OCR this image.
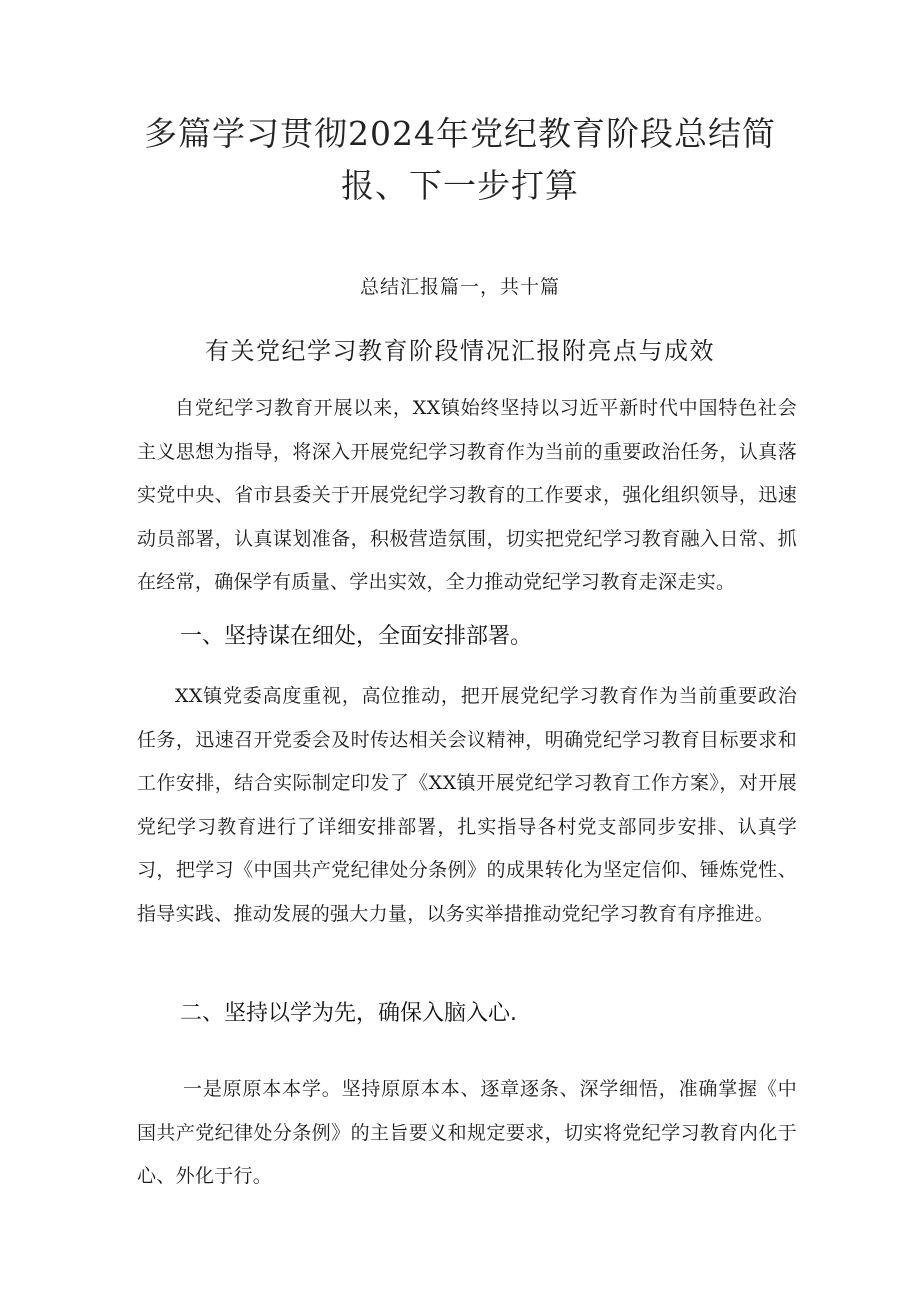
多篇学习贯彻2024年党纪教育阶段总结简报、下一步打算
总结汇报篇一，共十篇
有关党纪学习教育阶段情况汇报附亮点与成效

自党纪学习教育开展以来，XX镇始终坚持以习近平新时代中国特色社会主义思想为指导，将深入开展党纪学习教育作为当前的重要政治任务，认真落实党中央、省市县委关于开展党纪学习教育的工作要求，强化组织领导，迅速动员部署，认真谋划准备，积极营造氛围，切实把党纪学习教育融入日常、抓在经常，确保学有质量、学出实效，全力推动党纪学习教育走深走实。

一、坚持谋在细处，全面安排部署。

XX镇党委高度重视，高位推动，把开展党纪学习教育作为当前重要政治任务，迅速召开党委会及时传达相关会议精神，明确党纪学习教育目标要求和工作安排，结合实际制定印发了《XX镇开展党纪学习教育工作方案》，对开展党纪学习教育进行了详细安排部署，扎实指导各村党支部同步安排、认真学习，把学习《中国共产党纪律处分条例》的成果转化为坚定信仰、锤炼党性、指导实践、推动发展的强大力量，以务实举措推动党纪学习教育有序推进。

二、坚持以学为先，确保入脑入心.

一是原原本本学。坚持原原本本、逐章逐条、深学细悟，准确掌握《中国共产党纪律处分条例》的主旨要义和规定要求，切实将党纪学习教育内化于心、外化于行。
